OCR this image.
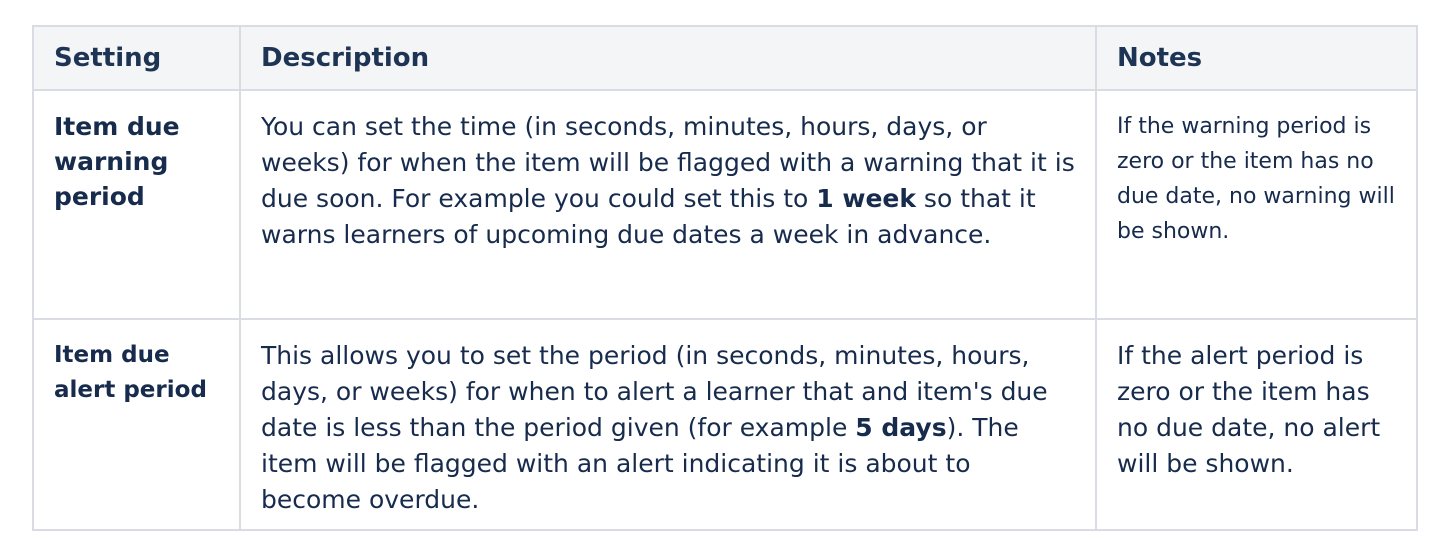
Setting	Description	Notes

Item due warning period	You can set the time (in seconds, minutes, hours, days, or weeks) for when the item will be flagged with a warning that it is due soon. For example you could set this to 1 week so that it warns learners of upcoming due dates a week in advance.	If the warning period is zero or the item has no due date, no warning will be shown.

Item due alert period	This allows you to set the period (in seconds, minutes, hours, days, or weeks) for when to alert a learner that and item's due date is less than the period given (for example 5 days). The item will be flagged with an alert indicating it is about to become overdue.	If the alert period is zero or the item has no due date, no alert will be shown.
